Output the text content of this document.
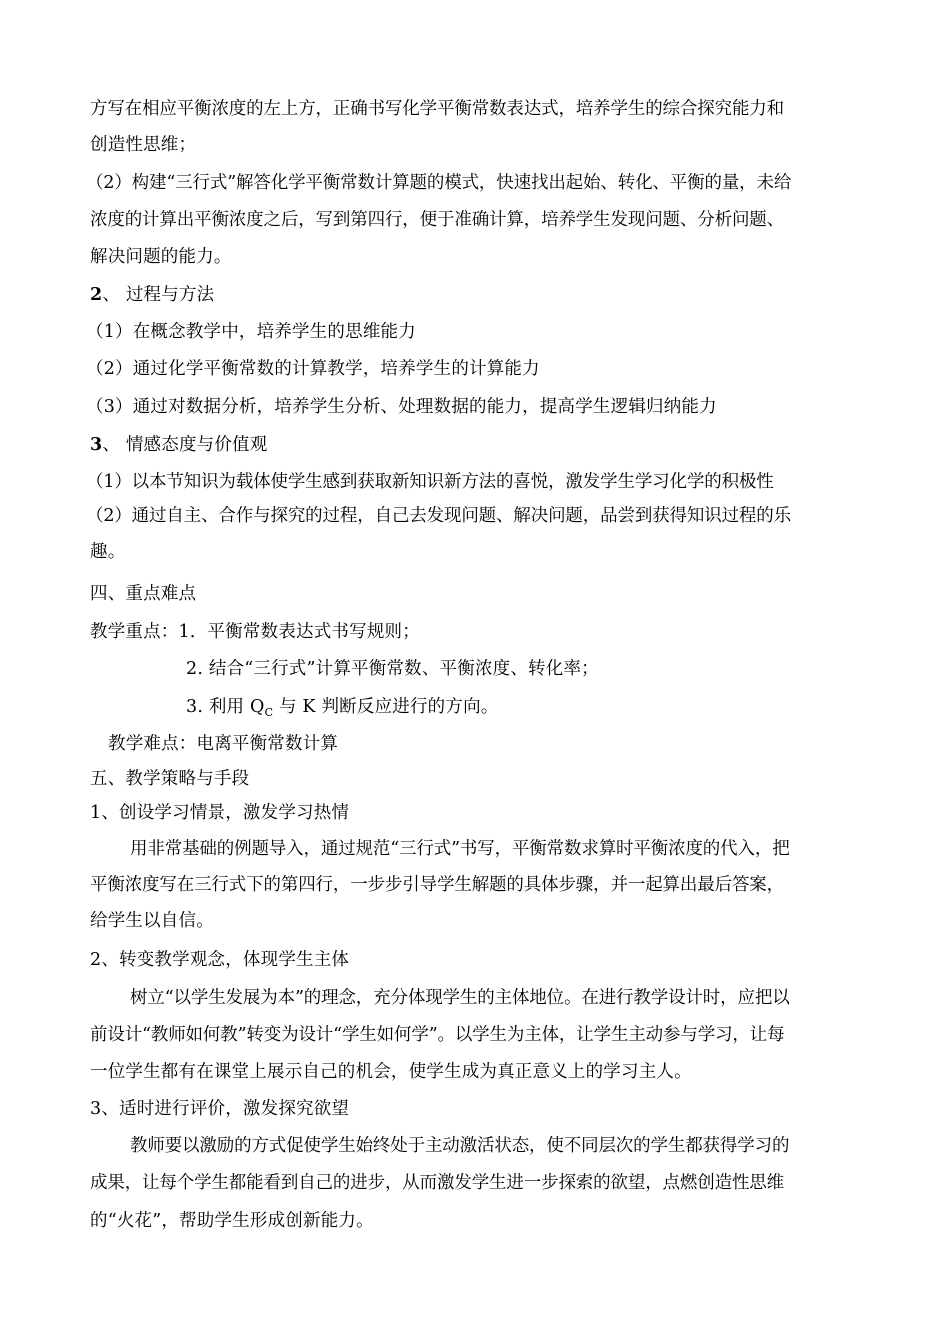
方写在相应平衡浓度的左上方，正确书写化学平衡常数表达式，培养学生的综合探究能力和
创造性思维；
（2）构建“三行式”解答化学平衡常数计算题的模式，快速找出起始、转化、平衡的量，未给
浓度的计算出平衡浓度之后，写到第四行，便于准确计算，培养学生发现问题、分析问题、
解决问题的能力。
2、 过程与方法
（1）在概念教学中，培养学生的思维能力
（2）通过化学平衡常数的计算教学，培养学生的计算能力
（3）通过对数据分析，培养学生分析、处理数据的能力，提高学生逻辑归纳能力
3、 情感态度与价值观
（1）以本节知识为载体使学生感到获取新知识新方法的喜悦，激发学生学习化学的积极性
（2）通过自主、合作与探究的过程，自己去发现问题、解决问题，品尝到获得知识过程的乐
趣。
四、重点难点
教学重点：1．平衡常数表达式书写规则；
2. 结合“三行式”计算平衡常数、平衡浓度、转化率；
3. 利用 $Q_C$ 与 K 判断反应进行的方向。
教学难点：电离平衡常数计算
五、教学策略与手段
1、创设学习情景，激发学习热情
用非常基础的例题导入，通过规范“三行式”书写，平衡常数求算时平衡浓度的代入，把
平衡浓度写在三行式下的第四行，一步步引导学生解题的具体步骤，并一起算出最后答案，
给学生以自信。
2、转变教学观念，体现学生主体
树立“以学生发展为本”的理念，充分体现学生的主体地位。在进行教学设计时，应把以
前设计“教师如何教”转变为设计“学生如何学”。以学生为主体，让学生主动参与学习，让每
一位学生都有在课堂上展示自己的机会，使学生成为真正意义上的学习主人。
3、适时进行评价，激发探究欲望
教师要以激励的方式促使学生始终处于主动激活状态，使不同层次的学生都获得学习的
成果，让每个学生都能看到自己的进步，从而激发学生进一步探索的欲望，点燃创造性思维
的“火花”，帮助学生形成创新能力。
